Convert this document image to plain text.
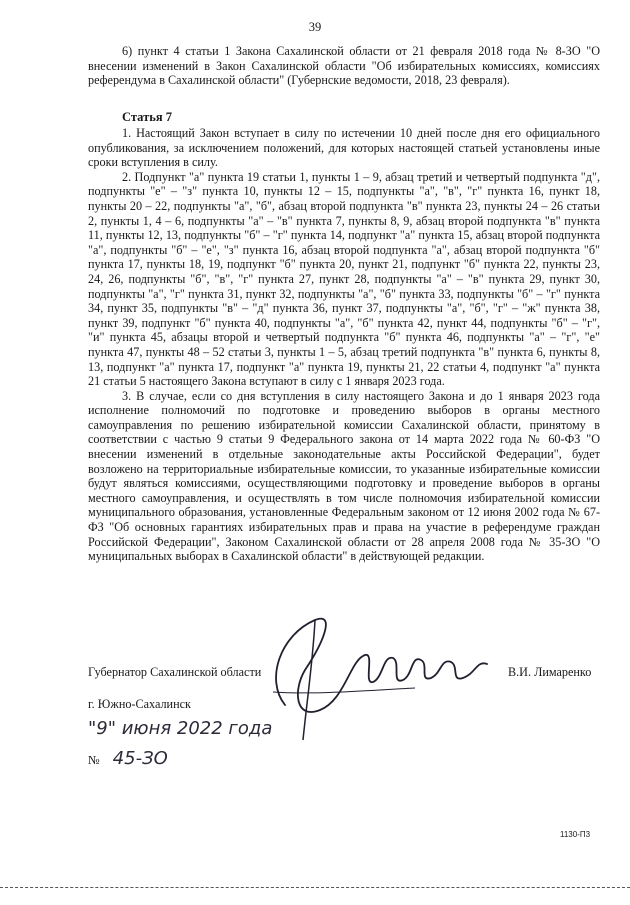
39

6) пункт 4 статьи 1 Закона Сахалинской области от 21 февраля 2018 года № 8-ЗО "О внесении изменений в Закон Сахалинской области "Об избирательных комиссиях, комиссиях референдума в Сахалинской области" (Губернские ведомости, 2018, 23 февраля).

Статья 7

1. Настоящий Закон вступает в силу по истечении 10 дней после дня его официального опубликования, за исключением положений, для которых настоящей статьей установлены иные сроки вступления в силу.

2. Подпункт "а" пункта 19 статьи 1, пункты 1 – 9, абзац третий и четвертый подпункта "д", подпункты "е" – "з" пункта 10, пункты 12 – 15, подпункты "а", "в", "г" пункта 16, пункт 18, пункты 20 – 22, подпункты "а", "б", абзац второй подпункта "в" пункта 23, пункты 24 – 26 статьи 2, пункты 1, 4 – 6, подпункты "а" – "в" пункта 7, пункты 8, 9, абзац второй подпункта "в" пункта 11, пункты 12, 13, подпункты "б" – "г" пункта 14, подпункт "а" пункта 15, абзац второй подпункта "а", подпункты "б" – "е", "з" пункта 16, абзац второй подпункта "а", абзац второй подпункта "б" пункта 17, пункты 18, 19, подпункт "б" пункта 20, пункт 21, подпункт "б" пункта 22, пункты 23, 24, 26, подпункты "б", "в", "г" пункта 27, пункт 28, подпункты "а" – "в" пункта 29, пункт 30, подпункты "а", "г" пункта 31, пункт 32, подпункты "а", "б" пункта 33, подпункты "б" – "г" пункта 34, пункт 35, подпункты "в" – "д" пункта 36, пункт 37, подпункты "а", "б", "г" – "ж" пункта 38, пункт 39, подпункт "б" пункта 40, подпункты "а", "б" пункта 42, пункт 44, подпункты "б" – "г", "и" пункта 45, абзацы второй и четвертый подпункта "б" пункта 46, подпункты "а" – "г", "е" пункта 47, пункты 48 – 52 статьи 3, пункты 1 – 5, абзац третий подпункта "в" пункта 6, пункты 8, 13, подпункт "а" пункта 17, подпункт "а" пункта 19, пункты 21, 22 статьи 4, подпункт "а" пункта 21 статьи 5 настоящего Закона вступают в силу с 1 января 2023 года.

3. В случае, если со дня вступления в силу настоящего Закона и до 1 января 2023 года исполнение полномочий по подготовке и проведению выборов в органы местного самоуправления по решению избирательной комиссии Сахалинской области, принятому в соответствии с частью 9 статьи 9 Федерального закона от 14 марта 2022 года № 60-ФЗ "О внесении изменений в отдельные законодательные акты Российской Федерации", будет возложено на территориальные избирательные комиссии, то указанные избирательные комиссии будут являться комиссиями, осуществляющими подготовку и проведение выборов в органы местного самоуправления, и осуществлять в том числе полномочия избирательной комиссии муниципального образования, установленные Федеральным законом от 12 июня 2002 года № 67-ФЗ "Об основных гарантиях избирательных прав и права на участие в референдуме граждан Российской Федерации", Законом Сахалинской области от 28 апреля 2008 года № 35-ЗО "О муниципальных выборах в Сахалинской области" в действующей редакции.

Губернатор Сахалинской области	В.И. Лимаренко
г. Южно-Сахалинск
"9" июня 2022 года
№ 45-ЗО
1130-П3
